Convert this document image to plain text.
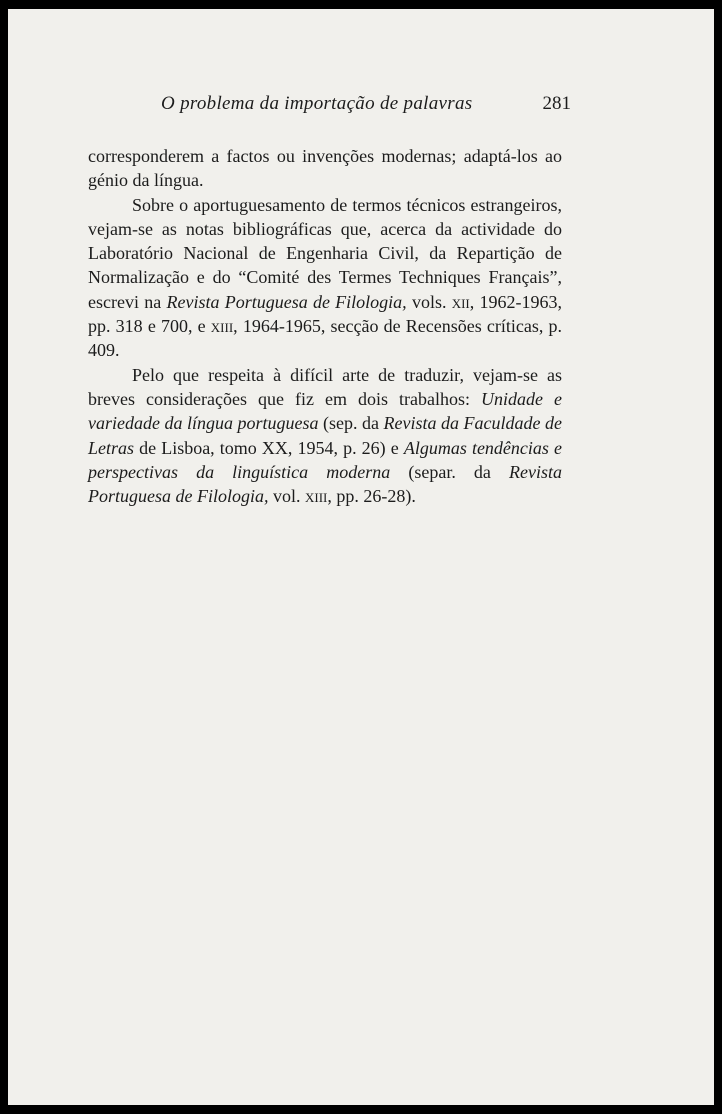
O problema da importação de palavras	281

corresponderem a factos ou invenções modernas; adaptá-los ao génio da língua.

Sobre o aportuguesamento de termos técnicos estrangeiros, vejam-se as notas bibliográficas que, acerca da actividade do Laboratório Nacional de Engenharia Civil, da Repartição de Normalização e do “Comité des Termes Techniques Français”, escrevi na Revista Portuguesa de Filologia, vols. xii, 1962-1963, pp. 318 e 700, e xiii, 1964-1965, secção de Recensões críticas, p. 409.

Pelo que respeita à difícil arte de traduzir, vejam-se as breves considerações que fiz em dois trabalhos: Unidade e variedade da língua portuguesa (sep. da Revista da Faculdade de Letras de Lisboa, tomo XX, 1954, p. 26) e Algumas tendências e perspectivas da linguística moderna (separ. da Revista Portuguesa de Filologia, vol. xiii, pp. 26-28).
